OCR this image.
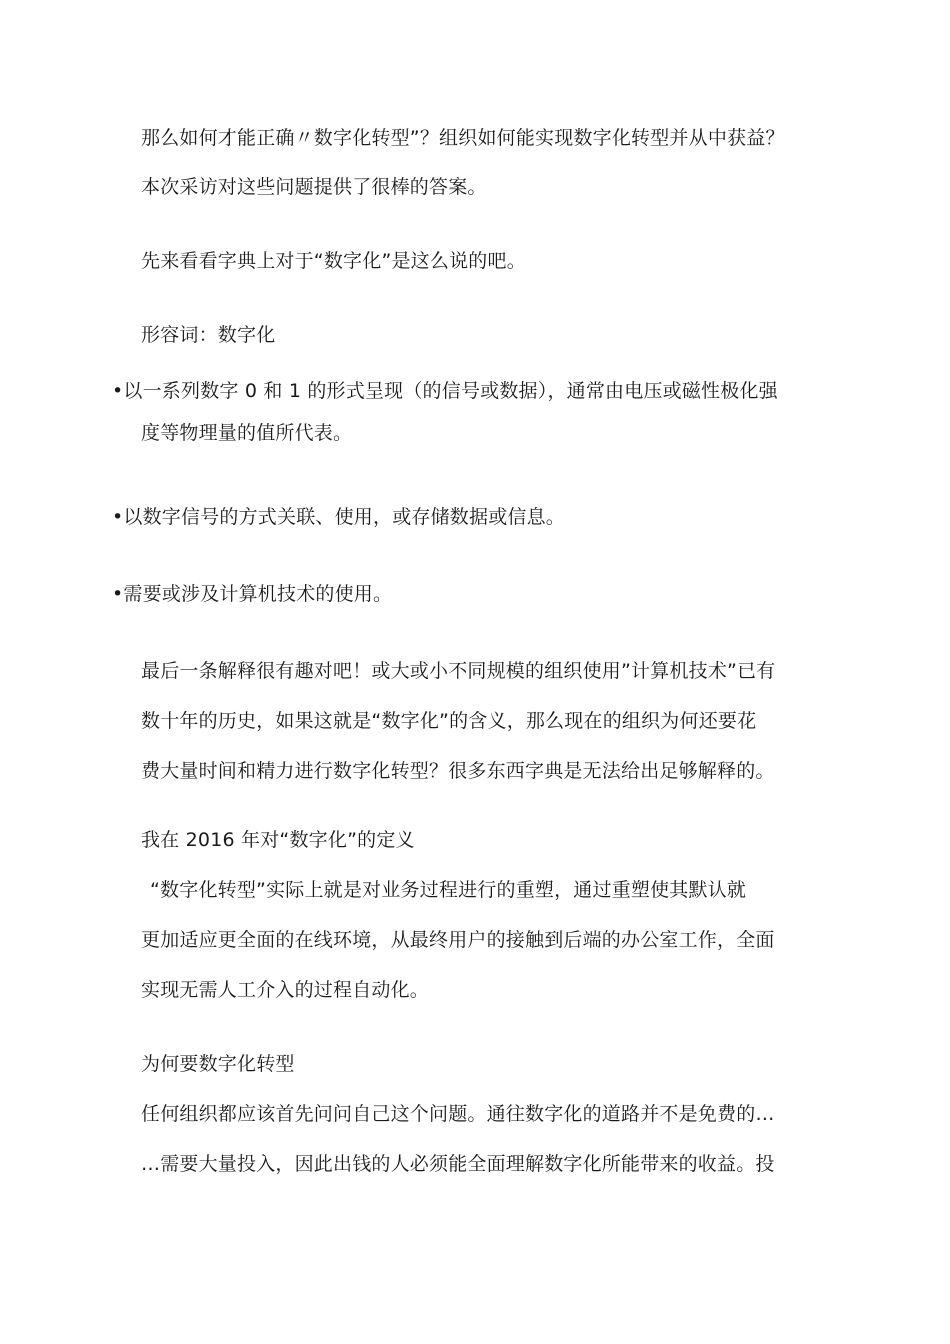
那么如何才能正确〃数字化转型”？组织如何能实现数字化转型并从中获益？
本次采访对这些问题提供了很棒的答案。
先来看看字典上对于“数字化”是这么说的吧。
形容词：数字化
•以一系列数字 0 和 1 的形式呈现（的信号或数据），通常由电压或磁性极化强
度等物理量的值所代表。
•以数字信号的方式关联、使用，或存储数据或信息。
•需要或涉及计算机技术的使用。
最后一条解释很有趣对吧！或大或小不同规模的组织使用”计算机技术”已有
数十年的历史，如果这就是“数字化”的含义，那么现在的组织为何还要花
费大量时间和精力进行数字化转型？很多东西字典是无法给出足够解释的。
我在 2016 年对“数字化”的定义
“数字化转型”实际上就是对业务过程进行的重塑，通过重塑使其默认就
更加适应更全面的在线环境，从最终用户的接触到后端的办公室工作，全面
实现无需人工介入的过程自动化。
为何要数字化转型
任何组织都应该首先问问自己这个问题。通往数字化的道路并不是免费的…
…需要大量投入，因此出钱的人必须能全面理解数字化所能带来的收益。投
